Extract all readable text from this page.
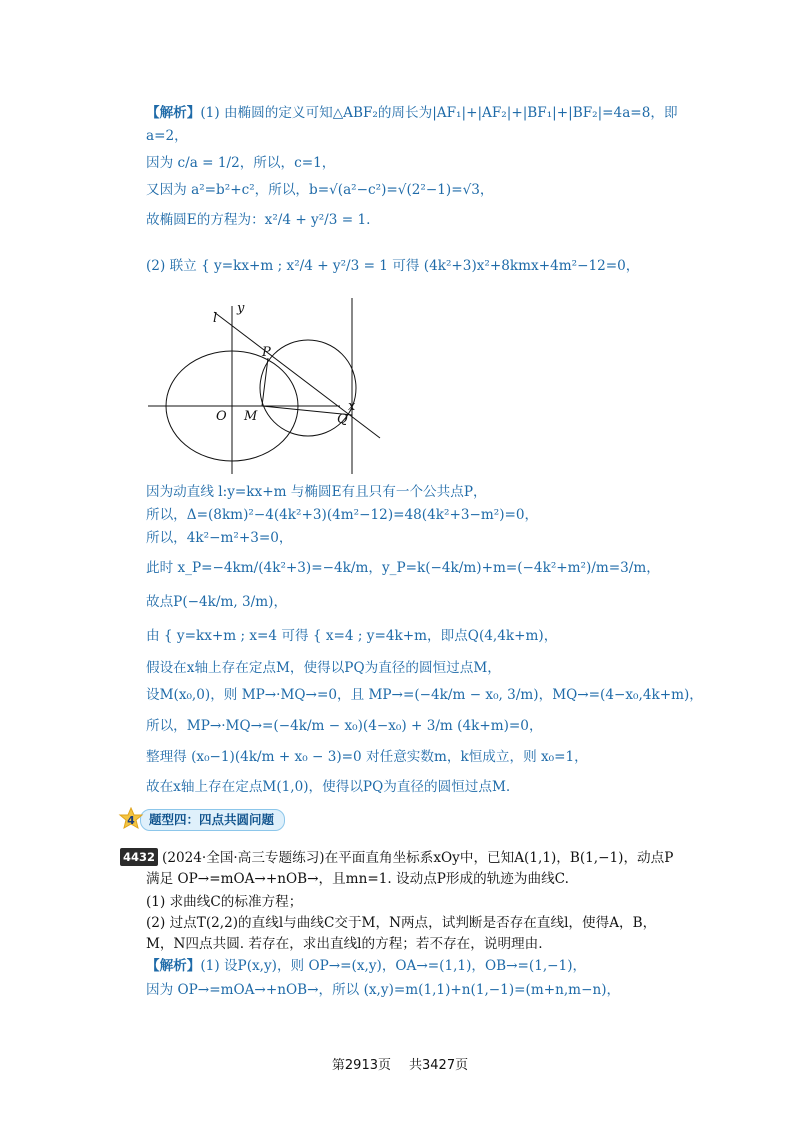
【解析】(1) 由椭圆的定义可知△ABF₂的周长为|AF₁|+|AF₂|+|BF₁|+|BF₂|=4a=8，即
a=2，
因为 c/a = 1/2，所以，c=1，
又因为 a²=b²+c²，所以，b=√(a²−c²)=√(2²−1)=√3，
故椭圆E的方程为：x²/4 + y²/3 = 1.
(2) 联立 { y=kx+m ; x²/4 + y²/3 = 1 可得 (4k²+3)x²+8kmx+4m²−12=0，
y
x
l
P
O M	Q
因为动直线 l:y=kx+m 与椭圆E有且只有一个公共点P，
所以，Δ=(8km)²−4(4k²+3)(4m²−12)=48(4k²+3−m²)=0，
所以，4k²−m²+3=0，
此时 x_P=−4km/(4k²+3)=−4k/m，y_P=k(−4k/m)+m=(−4k²+m²)/m=3/m，
故点P(−4k/m, 3/m)，
由 { y=kx+m ; x=4 可得 { x=4 ; y=4k+m，即点Q(4,4k+m)，
假设在x轴上存在定点M，使得以PQ为直径的圆恒过点M，
设M(x₀,0)，则 MP→·MQ→=0，且 MP→=(−4k/m − x₀, 3/m)，MQ→=(4−x₀,4k+m)，
所以，MP→·MQ→=(−4k/m − x₀)(4−x₀) + 3/m (4k+m)=0，
整理得 (x₀−1)(4k/m + x₀ − 3)=0 对任意实数m，k恒成立，则 x₀=1，
故在x轴上存在定点M(1,0)，使得以PQ为直径的圆恒过点M.
4	题型四：四点共圆问题
4432 (2024·全国·高三专题练习)在平面直角坐标系xOy中，已知A(1,1)，B(1,−1)，动点P
满足 OP→=mOA→+nOB→，且mn=1. 设动点P形成的轨迹为曲线C.
(1) 求曲线C的标准方程；
(2) 过点T(2,2)的直线l与曲线C交于M，N两点，试判断是否存在直线l，使得A，B，
M，N四点共圆. 若存在，求出直线l的方程；若不存在，说明理由.
【解析】(1) 设P(x,y)，则 OP→=(x,y)，OA→=(1,1)，OB→=(1,−1)，
因为 OP→=mOA→+nOB→，所以 (x,y)=m(1,1)+n(1,−1)=(m+n,m−n)，
第2913页 共3427页
